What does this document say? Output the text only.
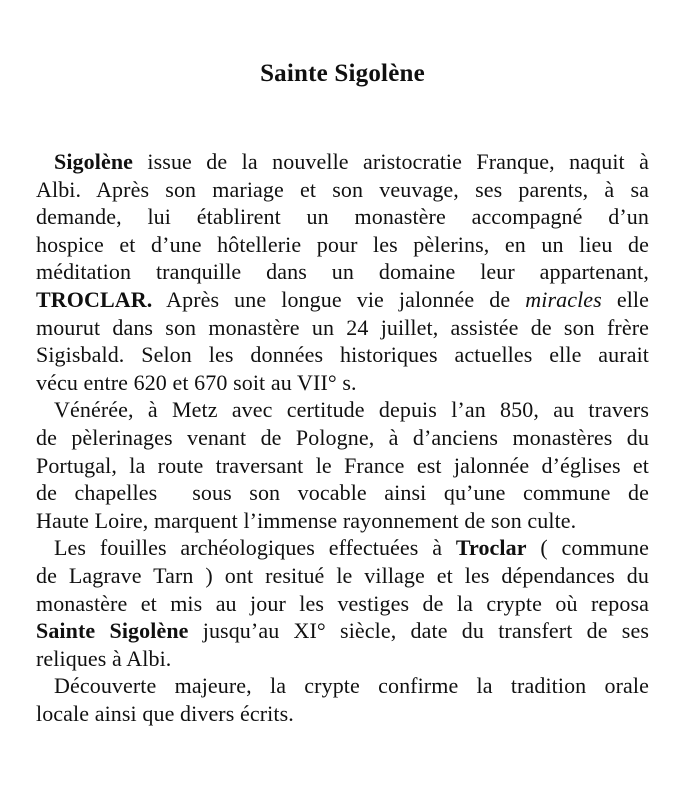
Sainte Sigolène
Sigolène issue de la nouvelle aristocratie Franque, naquit à
Albi. Après son mariage et son veuvage, ses parents, à sa
demande, lui établirent un monastère accompagné d’un
hospice et d’une hôtellerie pour les pèlerins, en un lieu de
méditation tranquille dans un domaine leur appartenant,
TROCLAR. Après une longue vie jalonnée de miracles elle
mourut dans son monastère un 24 juillet, assistée de son frère
Sigisbald. Selon les données historiques actuelles elle aurait
vécu entre 620 et 670 soit au VII° s.
Vénérée, à Metz avec certitude depuis l’an 850, au travers
de pèlerinages venant de Pologne, à d’anciens monastères du
Portugal, la route traversant le France est jalonnée d’églises et
de chapelles  sous son vocable ainsi qu’une commune de
Haute Loire, marquent l’immense rayonnement de son culte.
Les fouilles archéologiques effectuées à Troclar ( commune
de Lagrave Tarn ) ont resitué le village et les dépendances du
monastère et mis au jour les vestiges de la crypte où reposa
Sainte Sigolène jusqu’au XI° siècle, date du transfert de ses
reliques à Albi.
Découverte majeure, la crypte confirme la tradition orale
locale ainsi que divers écrits.
